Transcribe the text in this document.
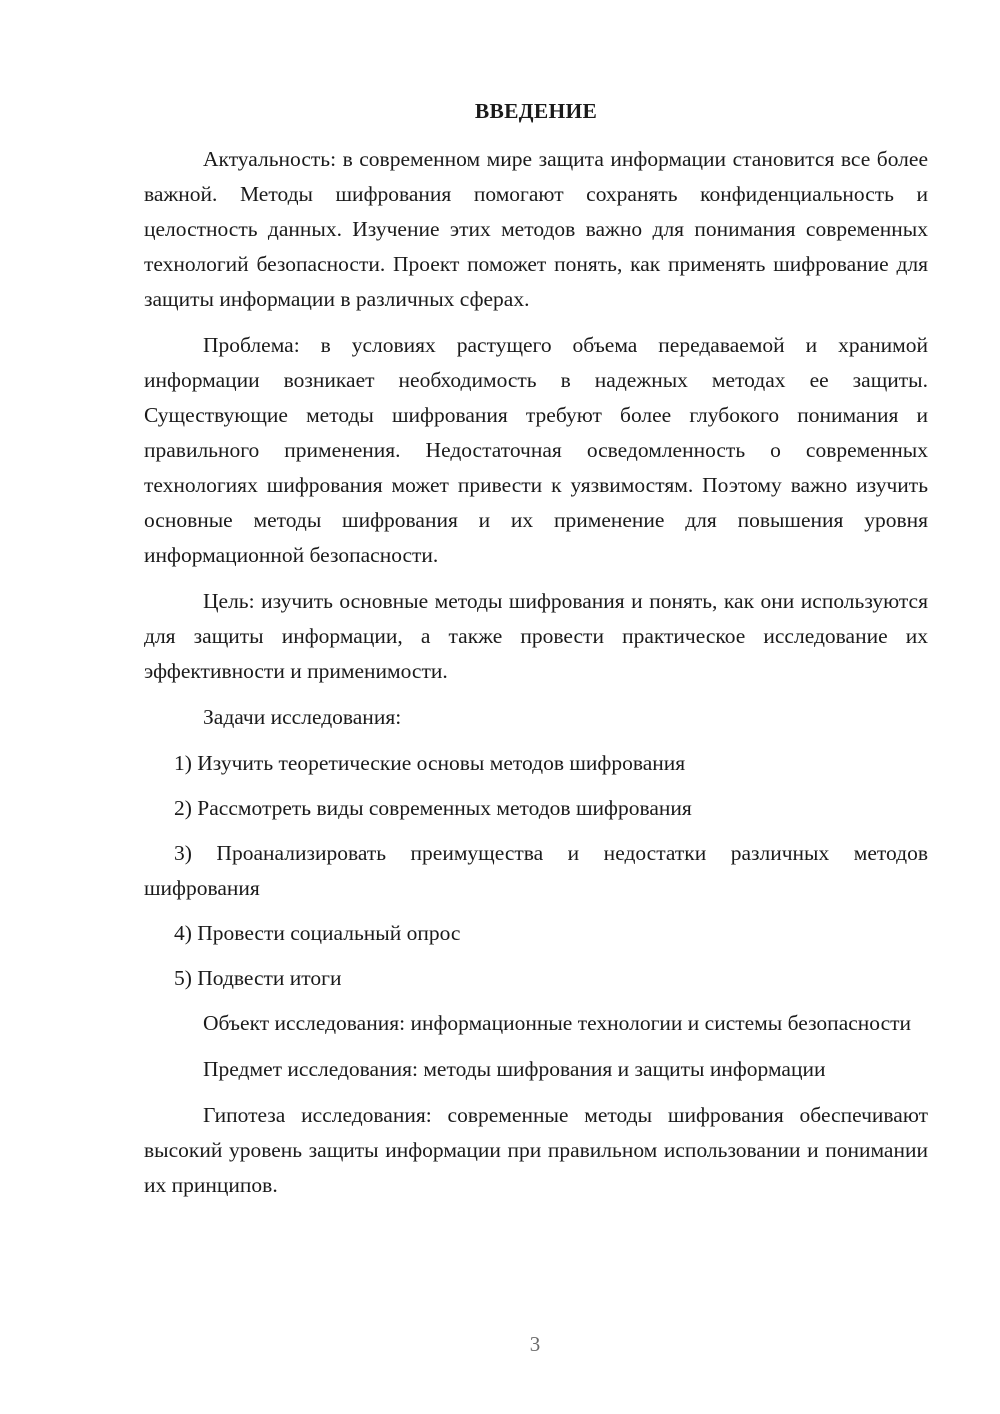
ВВЕДЕНИЕ

Актуальность: в современном мире защита информации становится все более важной. Методы шифрования помогают сохранять конфиденциальность и целостность данных. Изучение этих методов важно для понимания современных технологий безопасности. Проект поможет понять, как применять шифрование для защиты информации в различных сферах.

Проблема: в условиях растущего объема передаваемой и хранимой информации возникает необходимость в надежных методах ее защиты. Существующие методы шифрования требуют более глубокого понимания и правильного применения. Недостаточная осведомленность о современных технологиях шифрования может привести к уязвимостям. Поэтому важно изучить основные методы шифрования и их применение для повышения уровня информационной безопасности.

Цель: изучить основные методы шифрования и понять, как они используются для защиты информации, а также провести практическое исследование их эффективности и применимости.

Задачи исследования:

1) Изучить теоретические основы методов шифрования

2) Рассмотреть виды современных методов шифрования

3) Проанализировать преимущества и недостатки различных методов шифрования

4) Провести социальный опрос

5) Подвести итоги

Объект исследования: информационные технологии и системы безопасности

Предмет исследования: методы шифрования и защиты информации

Гипотеза исследования: современные методы шифрования обеспечивают высокий уровень защиты информации при правильном использовании и понимании их принципов.

3
